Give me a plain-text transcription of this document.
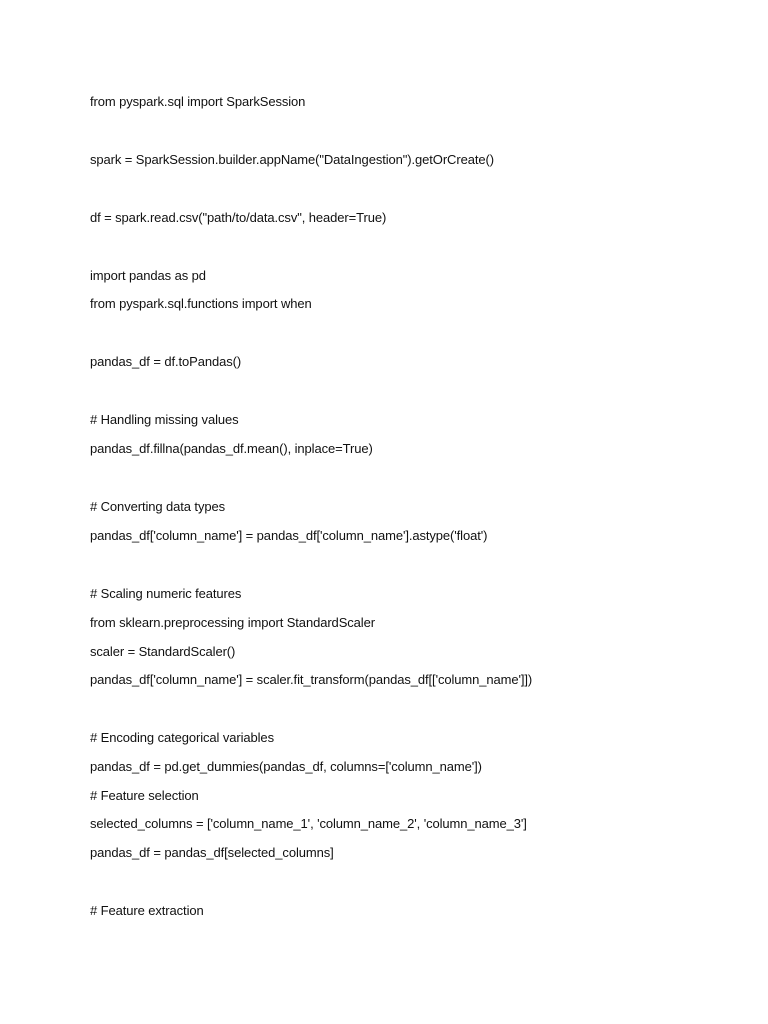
from pyspark.sql import SparkSession
spark = SparkSession.builder.appName("DataIngestion").getOrCreate()
df = spark.read.csv("path/to/data.csv", header=True)
import pandas as pd
from pyspark.sql.functions import when
pandas_df = df.toPandas()
# Handling missing values
pandas_df.fillna(pandas_df.mean(), inplace=True)
# Converting data types
pandas_df['column_name'] = pandas_df['column_name'].astype('float')
# Scaling numeric features
from sklearn.preprocessing import StandardScaler
scaler = StandardScaler()
pandas_df['column_name'] = scaler.fit_transform(pandas_df[['column_name']])
# Encoding categorical variables
pandas_df = pd.get_dummies(pandas_df, columns=['column_name'])
# Feature selection
selected_columns = ['column_name_1', 'column_name_2', 'column_name_3']
pandas_df = pandas_df[selected_columns]
# Feature extraction
